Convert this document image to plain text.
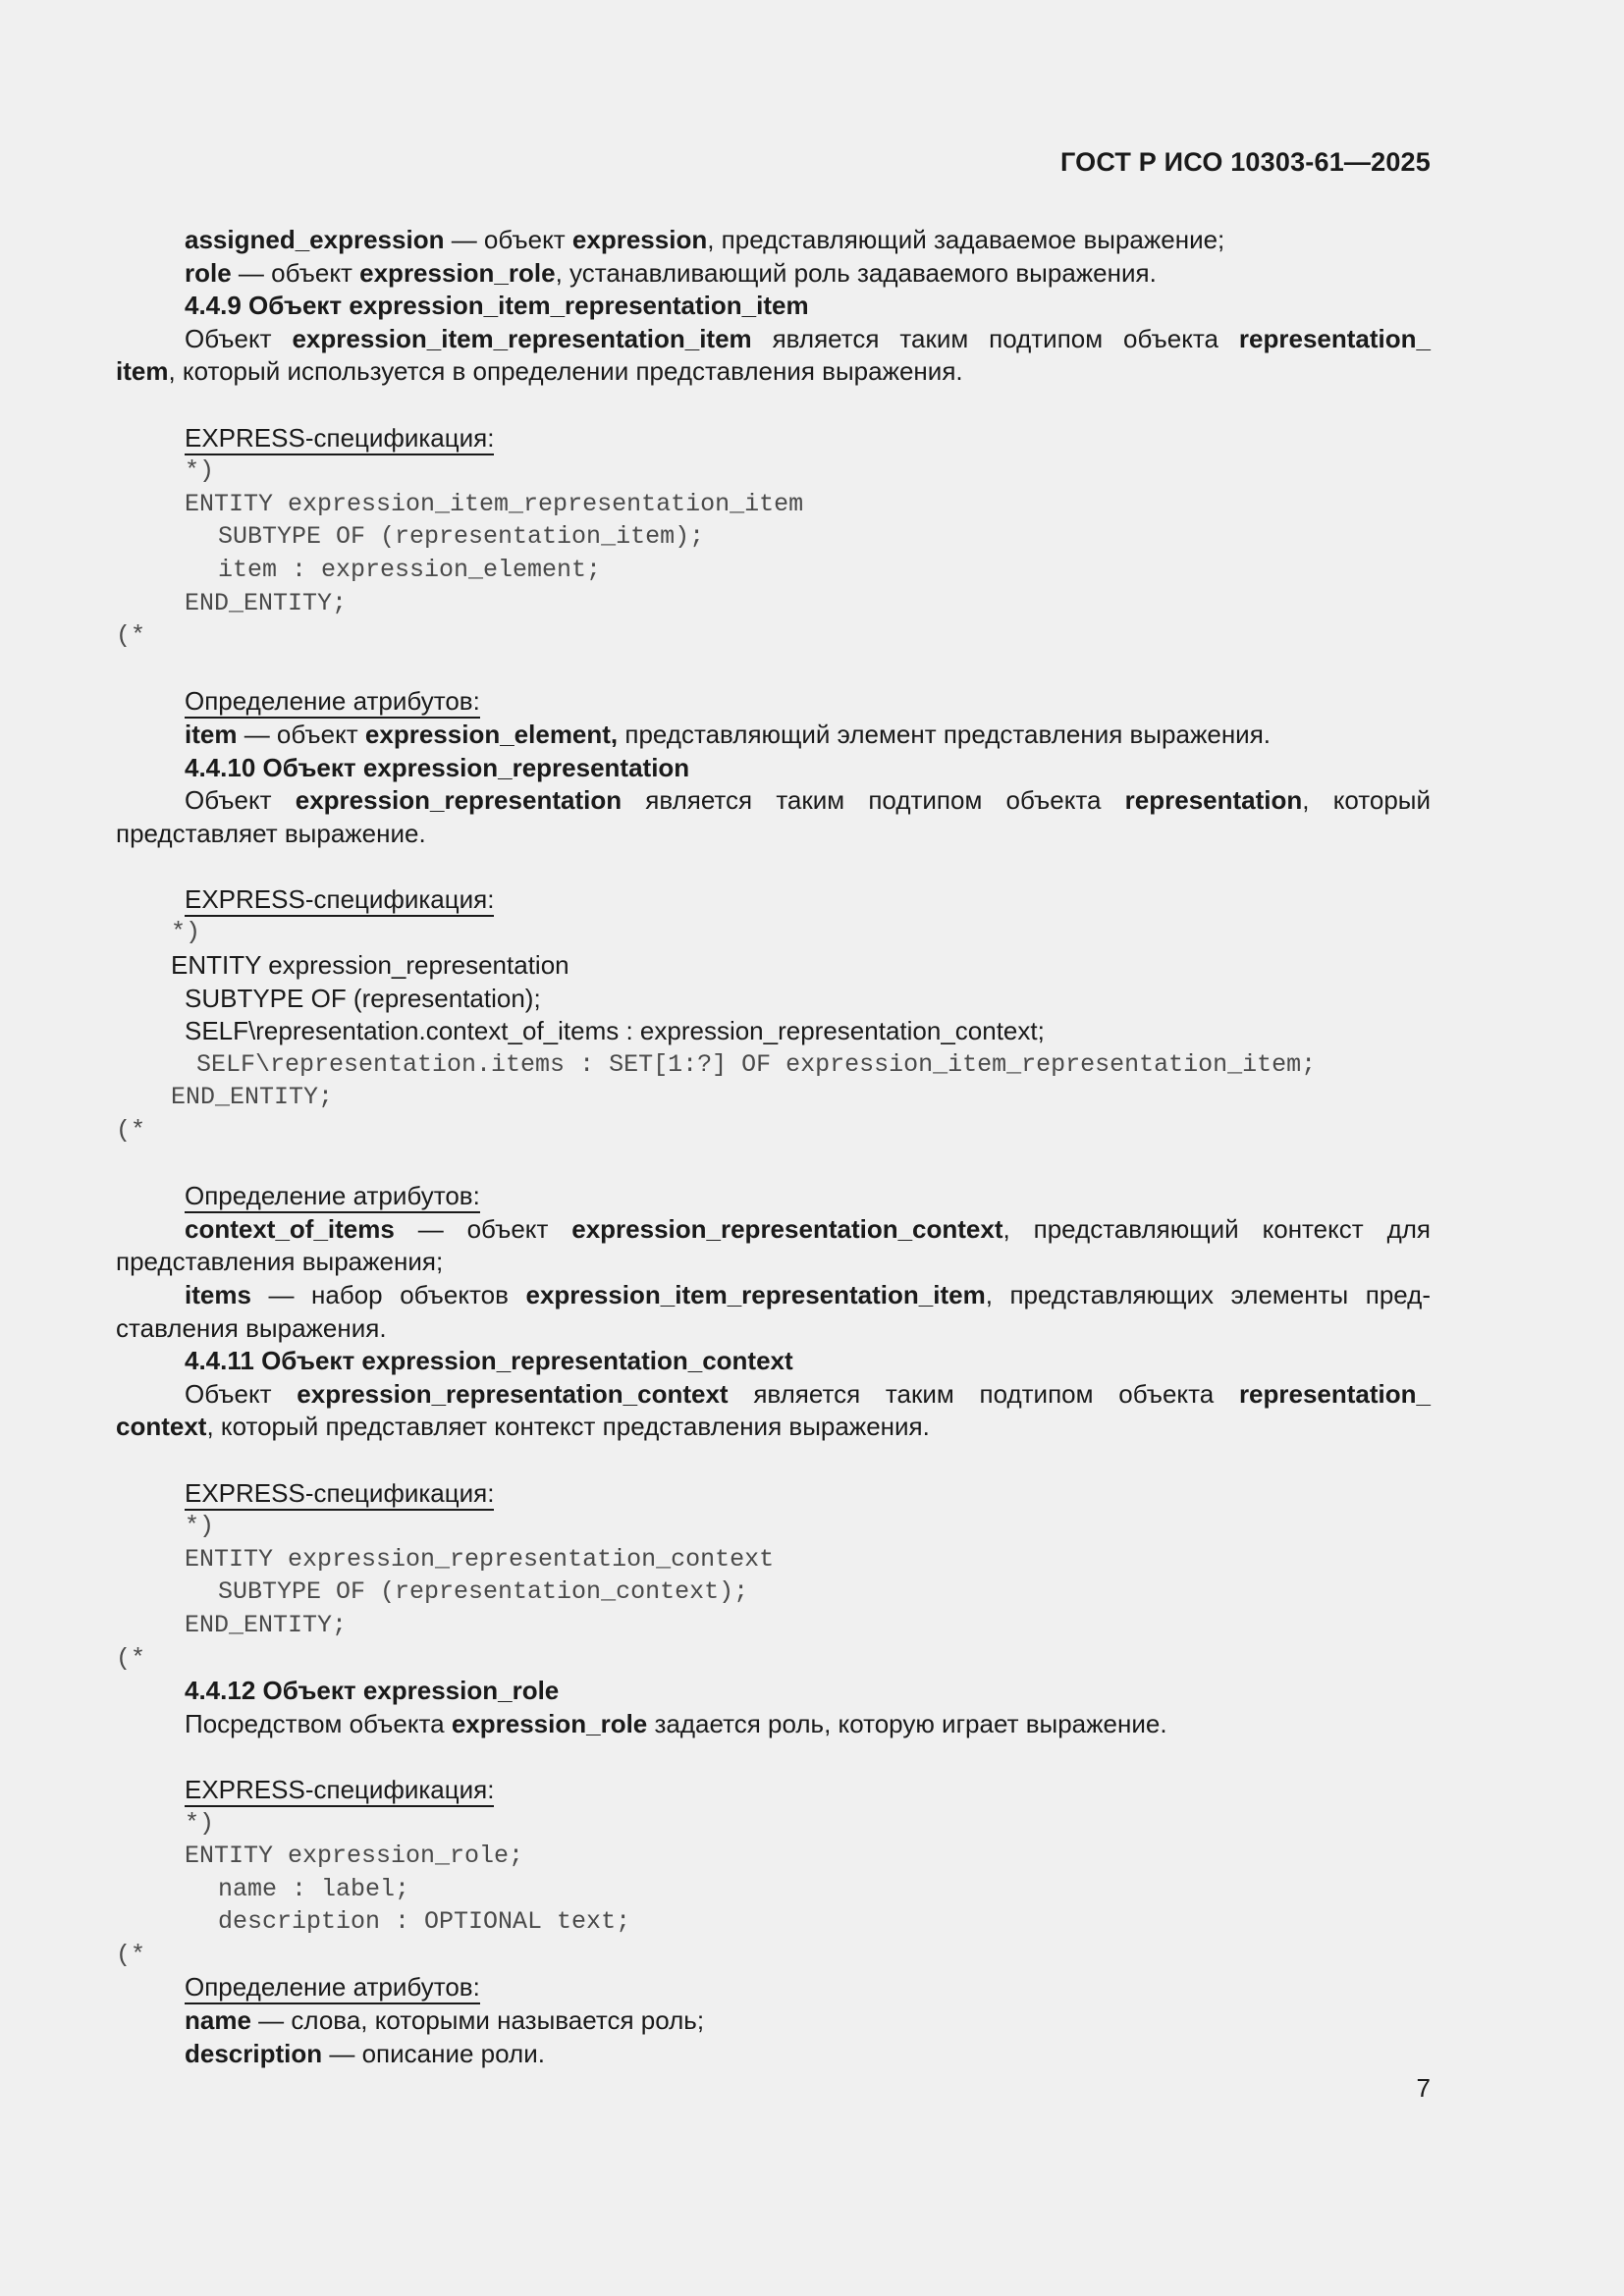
ГОСТ Р ИСО 10303-61—2025
assigned_expression — объект expression, представляющий задаваемое выражение;
role — объект expression_role, устанавливающий роль задаваемого выражения.
4.4.9 Объект expression_item_representation_item
Объект expression_item_representation_item является таким подтипом объекта representation_
item, который используется в определении представления выражения.
EXPRESS-спецификация:
*)
ENTITY expression_item_representation_item
SUBTYPE OF (representation_item);
item : expression_element;
END_ENTITY;
(*
Определение атрибутов:
item — объект expression_element, представляющий элемент представления выражения.
4.4.10 Объект expression_representation
Объект expression_representation является таким подтипом объекта representation, который
представляет выражение.
EXPRESS-спецификация:
*)
ENTITY expression_representation
SUBTYPE OF (representation);
SELF\representation.context_of_items : expression_representation_context;
SELF\representation.items : SET[1:?] OF expression_item_representation_item;
END_ENTITY;
(*
Определение атрибутов:
context_of_items — объект expression_representation_context, представляющий контекст для
представления выражения;
items — набор объектов expression_item_representation_item, представляющих элементы пред-
ставления выражения.
4.4.11 Объект expression_representation_context
Объект expression_representation_context является таким подтипом объекта representation_
context, который представляет контекст представления выражения.
EXPRESS-спецификация:
*)
ENTITY expression_representation_context
SUBTYPE OF (representation_context);
END_ENTITY;
(*
4.4.12 Объект expression_role
Посредством объекта expression_role задается роль, которую играет выражение.
EXPRESS-спецификация:
*)
ENTITY expression_role;
name : label;
description : OPTIONAL text;
(*
Определение атрибутов:
name — слова, которыми называется роль;
description — описание роли.
7
